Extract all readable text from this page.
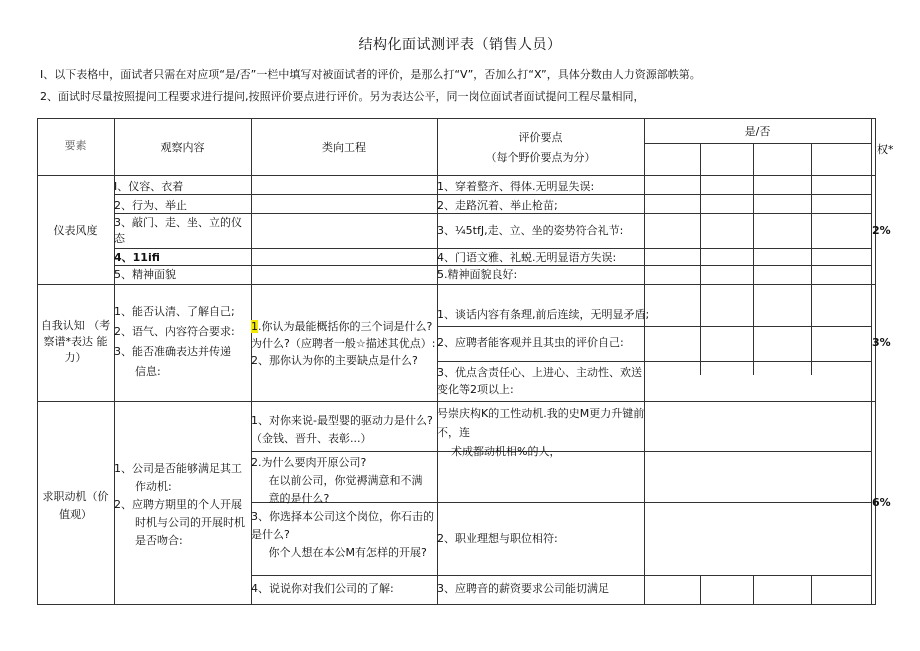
结构化面试测评表（销售人员）
I、以下表格中，面试者只需在对应项“是/否”一栏中填写对被面试者的评价，是那么打“V”，否加么打“X”，具体分数由人力资源部帙第。
2、面试时尽量按照提问工程要求进行提问,按照评价要点进行评价。另为表达公平，同一岗位面试者面试提问工程尽量相同，
要素	观察内容	类向工程
评价要点
（每个野价要点为分）
是/否
权*
仪表风度
I、仪容、衣着
2、行为、举止
3、敲门、走、坐、立的仪
态
4、11ifi
5、精神面貌
1、穿着整齐、得体.无明显失误:
2、走路沉着、举止枪苗;
3、¼5tfJ,走、立、坐的姿势符合礼节:
4、门语文雅、礼蜕.无明显语方失误:
5.精神面貌良好:
2%
自我认知 （考察谱*表达 能力）
1、能否认清、了解自己;
2、语气、内容符合要求:
3、能否准确表达并传递
信息:
1.你认为最能概括你的三个词是什么?
为什么?（应聘者一般☆描述其优点）:
2、那你认为你的主要缺点是什么?
1、谈话内容有条理,前后连续，无明显矛盾;
2、应聘者能客观并且其虫的评价自己:
3、优点含责任心、上进心、主动性、欢送
变化等2项以上:
3%
求职动机（价 值观）
1、公司是否能够满足其工
作动机:
2、应聘方期里的个人开展
时机与公司的开展时机
是否吻合:
1、对你来说-最型婴的驱动力是什么?
（金钱、晋升、表彰...）
2.为什么要肉开原公司?
在以前公司，你觉褥满意和不满
意的是什么?
3、你选择本公司这个岗位，你石击的
是什么?
你个人想在本公M有怎样的开展?
4、说说你对我们公司的了解:
号崇庆构K的工性动机.我的史M更力升键前
不，连
术成都动机相%的人，
2、职业理想与职位相符:
3、应聘音的薪资要求公司能切满足
6%
